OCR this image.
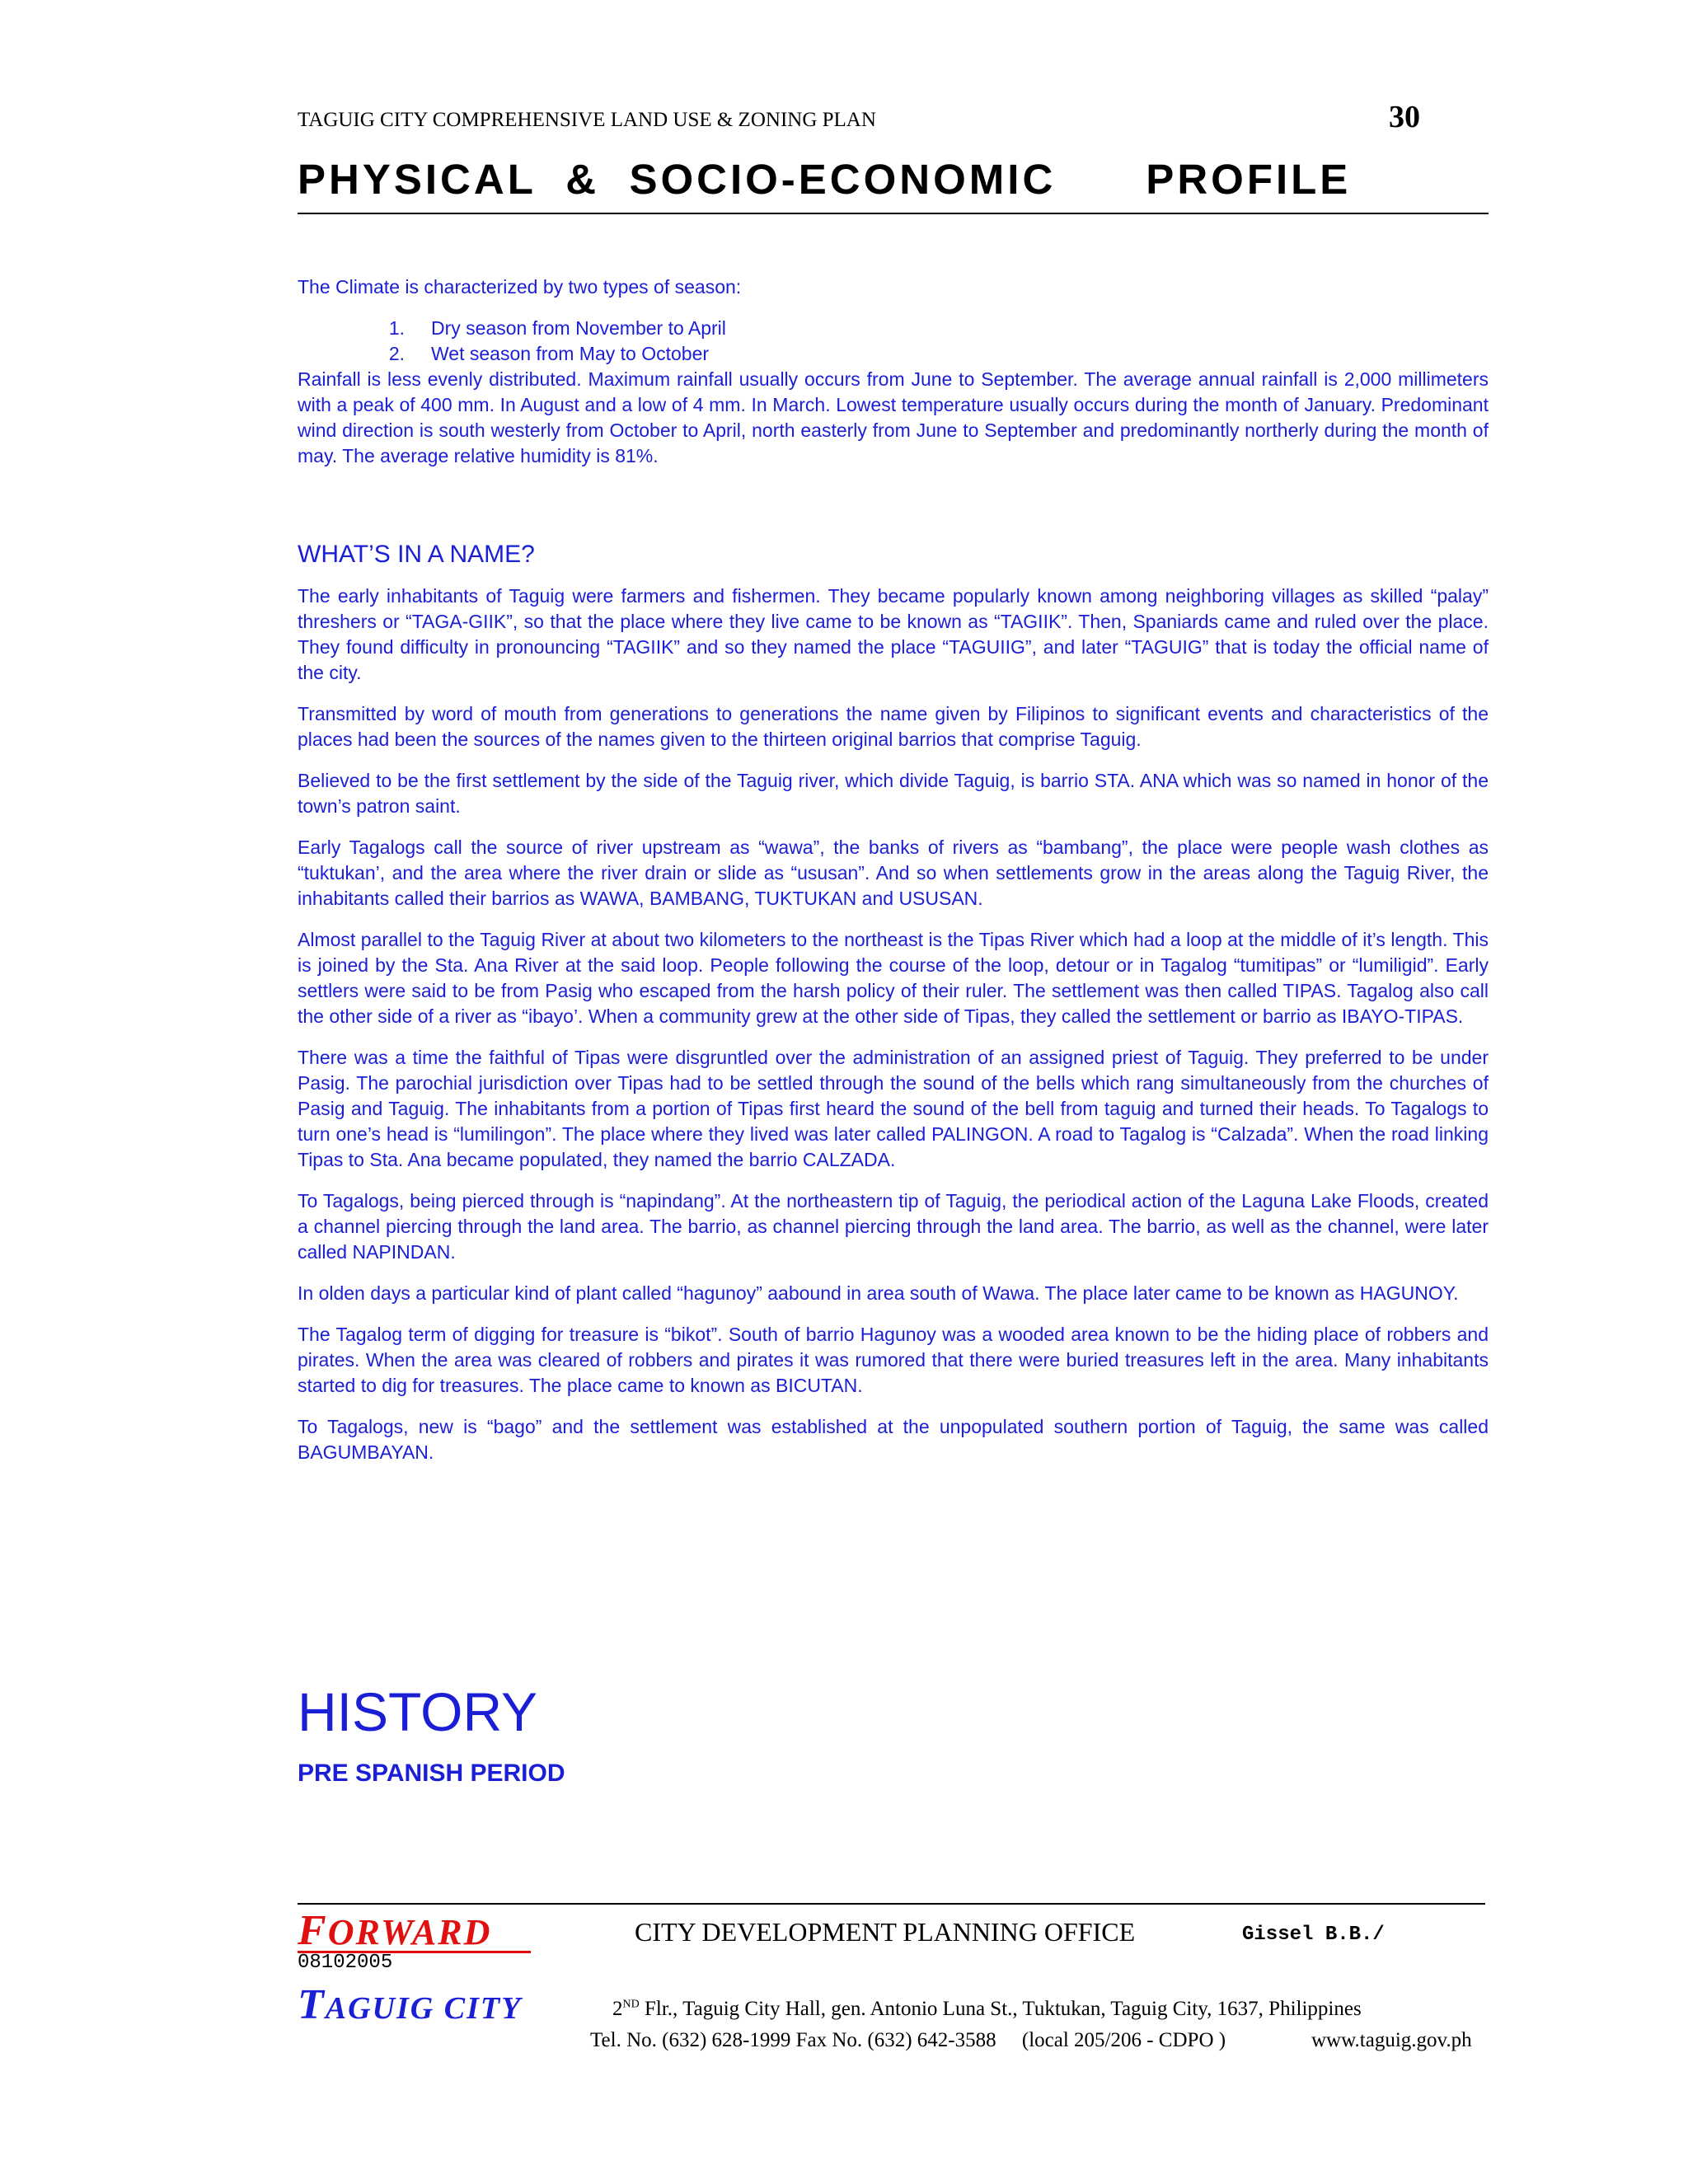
TAGUIG CITY COMPREHENSIVE LAND USE & ZONING PLAN	30
PHYSICAL  &  SOCIO-ECONOMIC      PROFILE

The Climate is characterized by two types of season:

1.	Dry season from November to April
2.	Wet season from May to October

Rainfall is less evenly distributed. Maximum rainfall usually occurs from June to September. The average annual rainfall is 2,000 millimeters with a peak of 400 mm. In August and a low of 4 mm. In March. Lowest temperature usually occurs during the month of January. Predominant wind direction is south westerly from October to April, north easterly from June to September and predominantly northerly during the month of may. The average relative humidity is 81%.

WHAT’S IN A NAME?

The early inhabitants of Taguig were farmers and fishermen. They became popularly known among neighboring villages as skilled “palay” threshers or “TAGA-GIIK”, so that the place where they live came to be known as “TAGIIK”. Then, Spaniards came and ruled over the place. They found difficulty in pronouncing “TAGIIK” and so they named the place “TAGUIIG”, and later “TAGUIG” that is today the official name of the city.

Transmitted by word of mouth from generations to generations the name given by Filipinos to significant events and characteristics of the places had been the sources of the names given to the thirteen original barrios that comprise Taguig.

Believed to be the first settlement by the side of the Taguig river, which divide Taguig, is barrio STA. ANA which was so named in honor of the town’s patron saint.

Early Tagalogs call the source of river upstream as “wawa”, the banks of rivers as “bambang”, the place were people wash clothes as “tuktukan’, and the area where the river drain or slide as “ususan”. And so when settlements grow in the areas along the Taguig River, the inhabitants called their barrios as WAWA, BAMBANG, TUKTUKAN and USUSAN.

Almost parallel to the Taguig River at about two kilometers to the northeast is the Tipas River which had a loop at the middle of it’s length. This is joined by the Sta. Ana River at the said loop. People following the course of the loop, detour or in Tagalog “tumitipas” or “lumiligid”. Early settlers were said to be from Pasig who escaped from the harsh policy of their ruler. The settlement was then called TIPAS. Tagalog also call the other side of a river as “ibayo’. When a community grew at the other side of Tipas, they called the settlement or barrio as IBAYO-TIPAS.

There was a time the faithful of Tipas were disgruntled over the administration of an assigned priest of Taguig. They preferred to be under Pasig. The parochial jurisdiction over Tipas had to be settled through the sound of the bells which rang simultaneously from the churches of Pasig and Taguig. The inhabitants from a portion of Tipas first heard the sound of the bell from taguig and turned their heads. To Tagalogs to turn one’s head is “lumilingon”. The place where they lived was later called PALINGON. A road to Tagalog is “Calzada”. When the road linking Tipas to Sta. Ana became populated, they named the barrio CALZADA.

To Tagalogs, being pierced through is “napindang”. At the northeastern tip of Taguig, the periodical action of the Laguna Lake Floods, created a channel piercing through the land area. The barrio, as channel piercing through the land area. The barrio, as well as the channel, were later called NAPINDAN.

In olden days a particular kind of plant called “hagunoy” aabound in area south of Wawa. The place later came to be known as HAGUNOY.

The Tagalog term of digging for treasure is “bikot”. South of barrio Hagunoy was a wooded area known to be the hiding place of robbers and pirates. When the area was cleared of robbers and pirates it was rumored that there were buried treasures left in the area. Many inhabitants started to dig for treasures. The place came to known as BICUTAN.

To Tagalogs, new is “bago” and the settlement was established at the unpopulated southern portion of Taguig, the same was called BAGUMBAYAN.

HISTORY
PRE SPANISH PERIOD
FORWARD
08102005
TAGUIG CITY
CITY DEVELOPMENT PLANNING OFFICE	Gissel B.B./
2ND Flr., Taguig City Hall, gen. Antonio Luna St., Tuktukan, Taguig City, 1637, Philippines
Tel. No. (632) 628-1999 Fax No. (632) 642-3588     (local 205/206 - CDPO )	www.taguig.gov.ph
